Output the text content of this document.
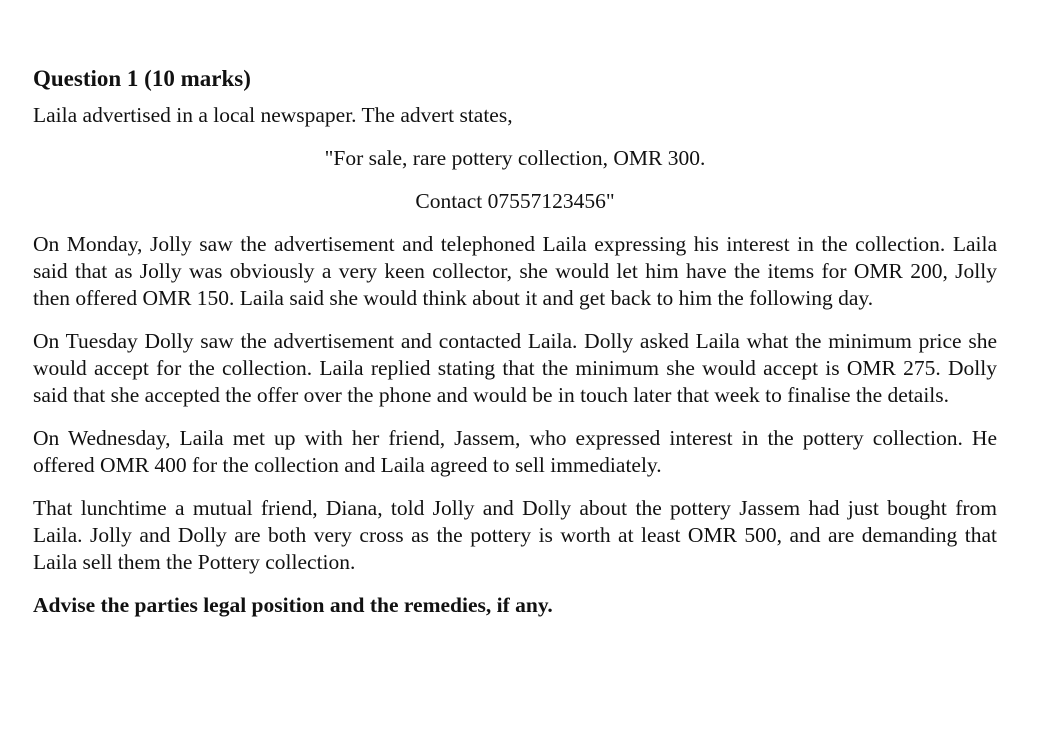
Question 1 (10 marks)

Laila advertised in a local newspaper. The advert states,

"For sale, rare pottery collection, OMR 300.

Contact 07557123456"

On Monday, Jolly saw the advertisement and telephoned Laila expressing his interest in the collection. Laila said that as Jolly was obviously a very keen collector, she would let him have the items for OMR 200, Jolly then offered OMR 150. Laila said she would think about it and get back to him the following day.

On Tuesday Dolly saw the advertisement and contacted Laila. Dolly asked Laila what the minimum price she would accept for the collection. Laila replied stating that the minimum she would accept is OMR 275. Dolly said that she accepted the offer over the phone and would be in touch later that week to finalise the details.

On Wednesday, Laila met up with her friend, Jassem, who expressed interest in the pottery collection. He offered OMR 400 for the collection and Laila agreed to sell immediately.

That lunchtime a mutual friend, Diana, told Jolly and Dolly about the pottery Jassem had just bought from Laila. Jolly and Dolly are both very cross as the pottery is worth at least OMR 500, and are demanding that Laila sell them the Pottery collection.

Advise the parties legal position and the remedies, if any.
